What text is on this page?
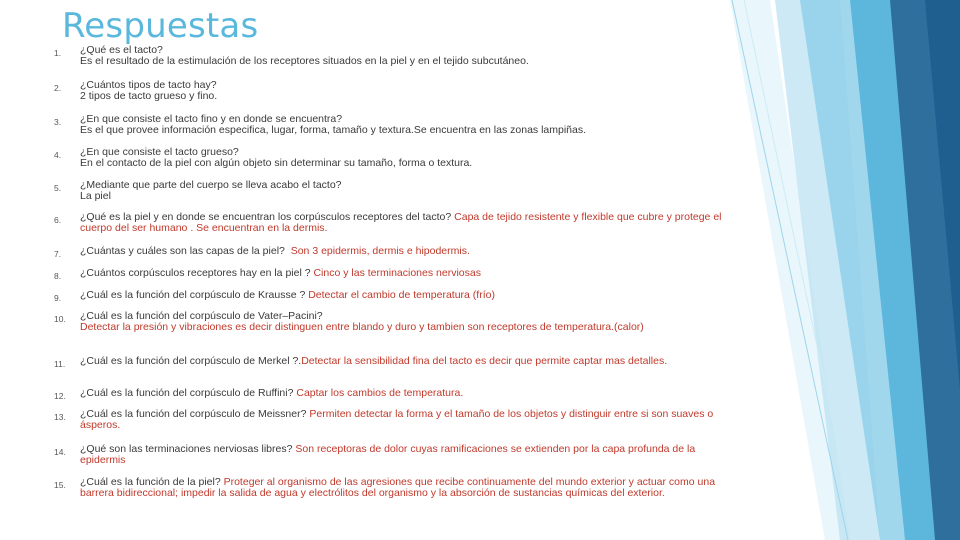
Respuestas
1. ¿Qué es el tacto?
Es el resultado de la estimulación de los receptores situados en la piel y en el tejido subcutáneo.
2. ¿Cuántos tipos de tacto hay?
2 tipos de tacto grueso y fino.
3. ¿En que consiste el tacto fino y en donde se encuentra?
Es el que provee información especifica, lugar, forma, tamaño y textura.Se encuentra en las zonas lampiñas.
4. ¿En que consiste el tacto grueso?
En el contacto de la piel con algún objeto sin determinar su tamaño, forma o textura.
5. ¿Mediante que parte del cuerpo se lleva acabo el tacto?
La piel
6. ¿Qué es la piel y en donde se encuentran los corpúsculos receptores del tacto? Capa de tejido resistente y flexible que cubre y protege el cuerpo del ser humano . Se encuentran en la dermis.
7. ¿Cuántas y cuáles son las capas de la piel? Son 3 epidermis, dermis e hipodermis.
8. ¿Cuántos corpúsculos receptores hay en la piel ? Cinco y las terminaciones nerviosas
9. ¿Cuál es la función del corpúsculo de Krausse ? Detectar el cambio de temperatura (frío)
10. ¿Cuál es la función del corpúsculo de Vater–Pacini?
Detectar la presión y vibraciones es decir distinguen entre blando y duro y tambien son receptores de temperatura.(calor)
11. ¿Cuál es la función del corpúsculo de Merkel ?.Detectar la sensibilidad fina del tacto es decir que permite captar mas detalles.
12. ¿Cuál es la función del corpúsculo de Ruffini? Captar los cambios de temperatura.
13. ¿Cuál es la función del corpúsculo de Meissner? Permiten detectar la forma y el tamaño de los objetos y distinguir entre si son suaves o ásperos.
14. ¿Qué son las terminaciones nerviosas libres? Son receptoras de dolor cuyas ramificaciones se extienden por la capa profunda de la epidermis
15. ¿Cuál es la función de la piel? Proteger al organismo de las agresiones que recibe continuamente del mundo exterior y actuar como una barrera bidireccional; impedir la salida de agua y electrólitos del organismo y la absorción de sustancias químicas del exterior.
